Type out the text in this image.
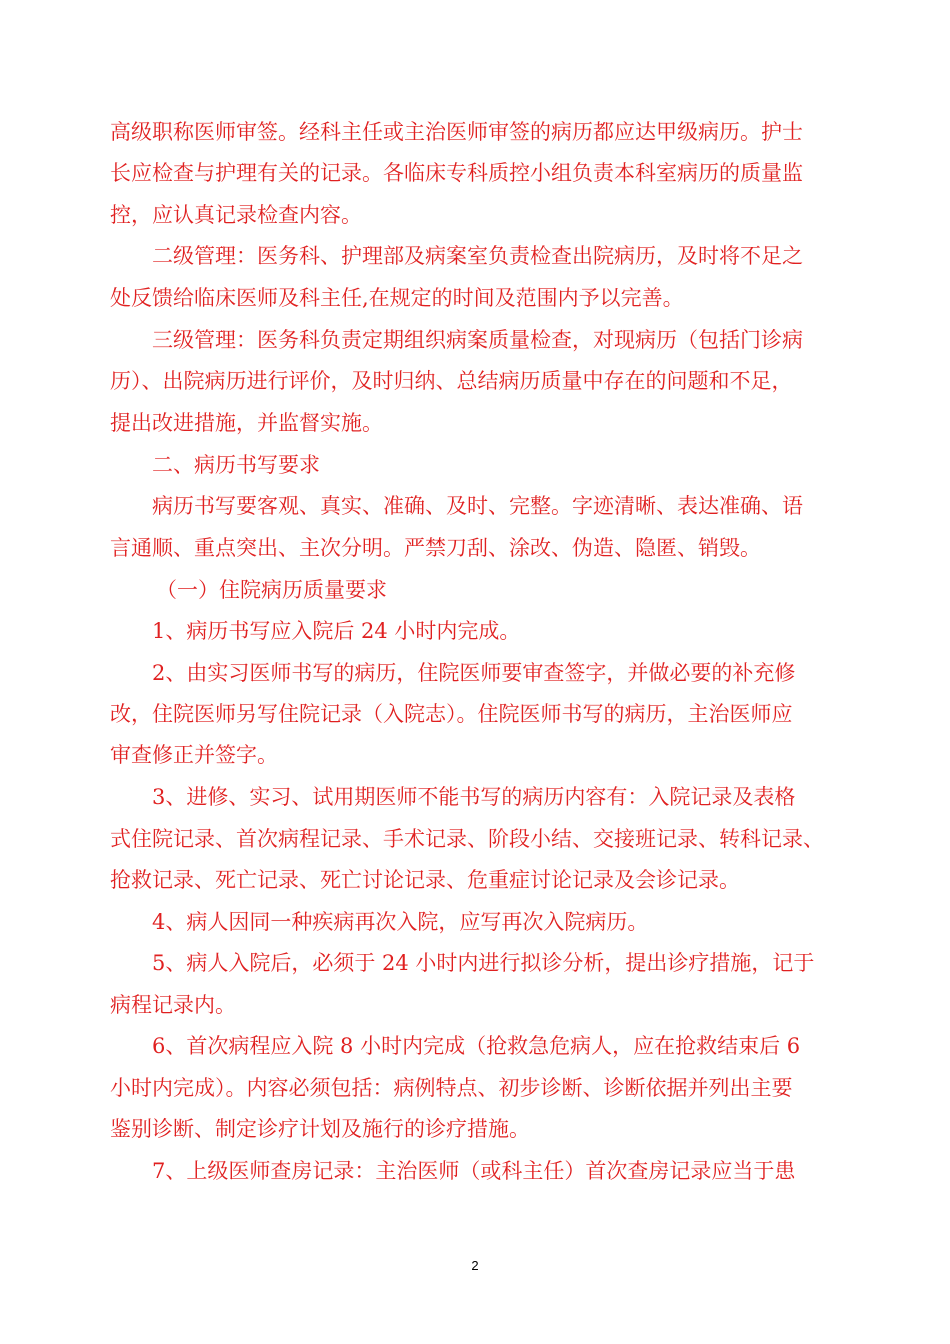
高级职称医师审签。经科主任或主治医师审签的病历都应达甲级病历。护士
长应检查与护理有关的记录。各临床专科质控小组负责本科室病历的质量监
控，应认真记录检查内容。
二级管理：医务科、护理部及病案室负责检查出院病历，及时将不足之
处反馈给临床医师及科主任,在规定的时间及范围内予以完善。
三级管理：医务科负责定期组织病案质量检查，对现病历（包括门诊病
历）、出院病历进行评价，及时归纳、总结病历质量中存在的问题和不足，
提出改进措施，并监督实施。
二、病历书写要求
病历书写要客观、真实、准确、及时、完整。字迹清晰、表达准确、语
言通顺、重点突出、主次分明。严禁刀刮、涂改、伪造、隐匿、销毁。
（一）住院病历质量要求
1、病历书写应入院后 24 小时内完成。
2、由实习医师书写的病历，住院医师要审查签字，并做必要的补充修
改，住院医师另写住院记录（入院志）。住院医师书写的病历，主治医师应
审查修正并签字。
3、进修、实习、试用期医师不能书写的病历内容有：入院记录及表格
式住院记录、首次病程记录、手术记录、阶段小结、交接班记录、转科记录、
抢救记录、死亡记录、死亡讨论记录、危重症讨论记录及会诊记录。
4、病人因同一种疾病再次入院，应写再次入院病历。
5、病人入院后，必须于 24 小时内进行拟诊分析，提出诊疗措施，记于
病程记录内。
6、首次病程应入院 8 小时内完成（抢救急危病人，应在抢救结束后 6
小时内完成）。内容必须包括：病例特点、初步诊断、诊断依据并列出主要
鉴别诊断、制定诊疗计划及施行的诊疗措施。
7、上级医师查房记录：主治医师（或科主任）首次查房记录应当于患
2
